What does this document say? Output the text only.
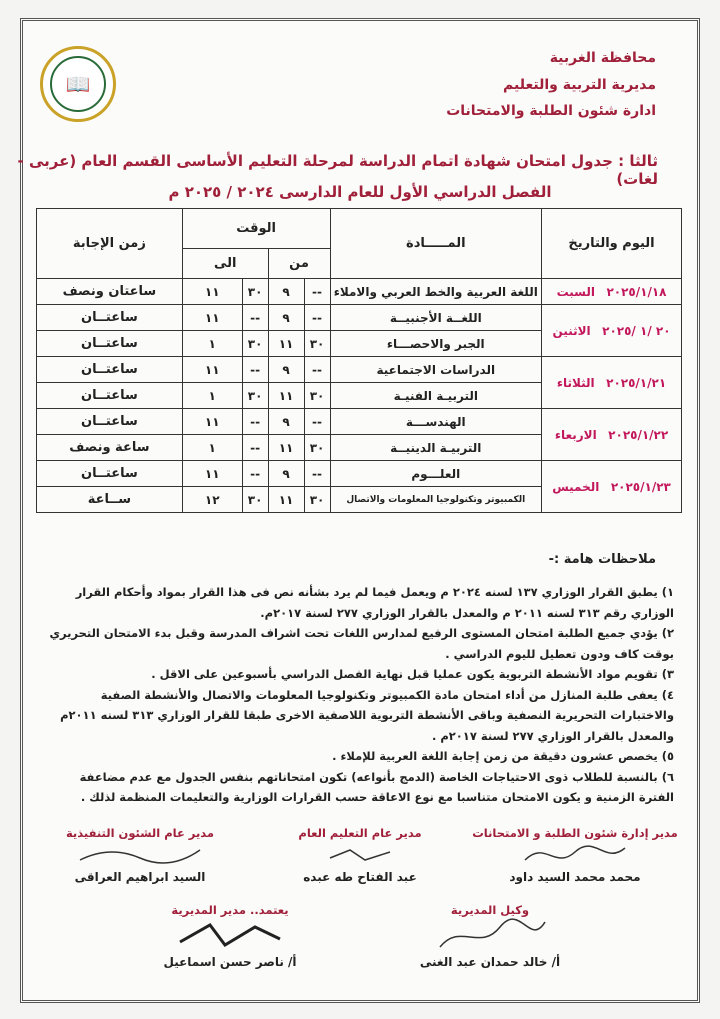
📖
محافظة الغربية
مديرية التربية والتعليم
ادارة شئون الطلبة والامتحانات
ثالثا : جدول امتحان شهادة اتمام الدراسة لمرحلة التعليم الأساسى القسم العام (عربى - لغات)
الفصل الدراسي الأول للعام الدارسى ٢٠٢٤ / ٢٠٢٥ م
اليوم والتاريخ	المـــــادة	الوقت				زمن الإجابة
		من		الى		
٢٠٢٥/١/١٨   السبت	اللغة العربية والخط العربي والاملاء	--	٩	٣٠	١١	ساعتان ونصف
٢٠ /١ /٢٠٢٥   الاثنين	اللغــة الأجنبيــة	--	٩	--	١١	ساعتــان
	الجبر والاحصـــاء	٣٠	١١	٣٠	١	ساعتــان
٢٠٢٥/١/٢١   الثلاثاء	الدراسات الاجتماعية	--	٩	--	١١	ساعتــان
	التربيـة الفنيـة	٣٠	١١	٣٠	١	ساعتــان
٢٠٢٥/١/٢٢   الاربعاء	الهندســـة	--	٩	--	١١	ساعتــان
	التربيـة الدينيــة	٣٠	١١	--	١	ساعة ونصف
٢٠٢٥/١/٢٣   الخميس	العلـــوم	--	٩	--	١١	ساعتــان
	الكمبيوتر وتكنولوجيا المعلومات والاتصال	٣٠	١١	٣٠	١٢	ســاعة
ملاحظات هامة :-

١) يطبق القرار الوزاري ١٣٧ لسنه ٢٠٢٤ م ويعمل فيما لم يرد بشأنه نص فى هذا القرار بمواد وأحكام القرار الوزاري رقم ٣١٣ لسنه ٢٠١١ م والمعدل بالقرار الوزاري ٢٧٧ لسنة ٢٠١٧م.

٢) يؤدي جميع الطلبة امتحان المستوى الرفيع لمدارس اللغات تحت اشراف المدرسة وقبل بدء الامتحان التحريري بوقت كاف ودون تعطيل لليوم الدراسي .

٣) تقويم مواد الأنشطة التربوية يكون عمليا قبل نهاية الفصل الدراسي بأسبوعين على الاقل .

٤) يعفى طلبة المنازل من أداء امتحان مادة الكمبيوتر وتكنولوجيا المعلومات والاتصال والأنشطة الصفية والاختبارات التحريرية النصفية وباقى الأنشطة التربوية اللاصفية الاخرى طبقا للقرار الوزاري ٣١٣ لسنه ٢٠١١م والمعدل بالقرار الوزاري ٢٧٧ لسنة ٢٠١٧م .

٥) يخصص عشرون دقيقة من زمن إجابة اللغة العربية للإملاء .

٦) بالنسبة للطلاب ذوى الاحتياجات الخاصة (الدمج بأنواعه) تكون امتحاناتهم بنفس الجدول مع عدم مضاعفة الفترة الزمنية و يكون الامتحان متناسبا مع نوع الاعاقة حسب القرارات الوزارية والتعليمات المنظمة لذلك .

مدير إدارة شئون الطلبة و الامتحانات
محمد محمد السيد داود
مدير عام التعليم العام
عبد الفتاح طه عبده
مدير عام الشئون التنفيذية
السيد ابراهيم العراقى
وكيل المديرية
أ/ خالد حمدان عبد الغنى
يعتمد.. مدير المديرية
أ/ ناصر حسن اسماعيل
